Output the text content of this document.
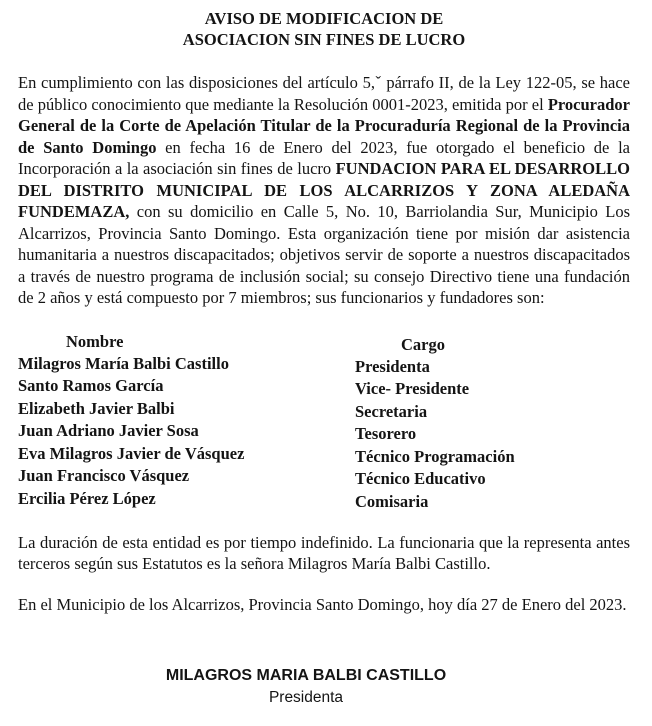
AVISO DE MODIFICACION DE

ASOCIACION SIN FINES DE LUCRO

En cumplimiento con las disposiciones del artículo 5,ˇ párrafo II, de la Ley 122-05, se hace de público conocimiento que mediante la Resolución 0001-2023, emitida por el Procurador General de la Corte de Apelación Titular de la Procuraduría Regional de la Provincia de Santo Domingo en fecha 16 de Enero del 2023, fue otorgado el beneficio de la Incorporación a la asociación sin fines de lucro FUNDACION PARA EL DESARROLLO DEL DISTRITO MUNICIPAL DE LOS ALCARRIZOS Y ZONA ALEDAÑA FUNDEMAZA, con su domicilio en Calle 5, No. 10, Barriolandia Sur, Municipio Los Alcarrizos, Provincia Santo Domingo. Esta organización tiene por misión dar asistencia humanitaria a nuestros discapacitados; objetivos servir de soporte a nuestros discapacitados a través de nuestro programa de inclusión social; su consejo Directivo tiene una fundación de 2 años y está compuesto por 7 miembros; sus funcionarios y fundadores son:

Nombre	Cargo
Milagros María Balbi Castillo
Santo Ramos García
Elizabeth Javier Balbi
Juan Adriano Javier Sosa
Eva Milagros Javier de Vásquez
Juan Francisco Vásquez
Ercilia Pérez López
Presidenta
Vice- Presidente
Secretaria
Tesorero
Técnico Programación
Técnico Educativo
Comisaria

La duración de esta entidad es por tiempo indefinido. La funcionaria que la representa antes terceros según sus Estatutos es la señora Milagros María Balbi Castillo.

En el Municipio de los Alcarrizos, Provincia Santo Domingo, hoy día 27 de Enero del 2023.

MILAGROS MARIA BALBI CASTILLO
Presidenta
